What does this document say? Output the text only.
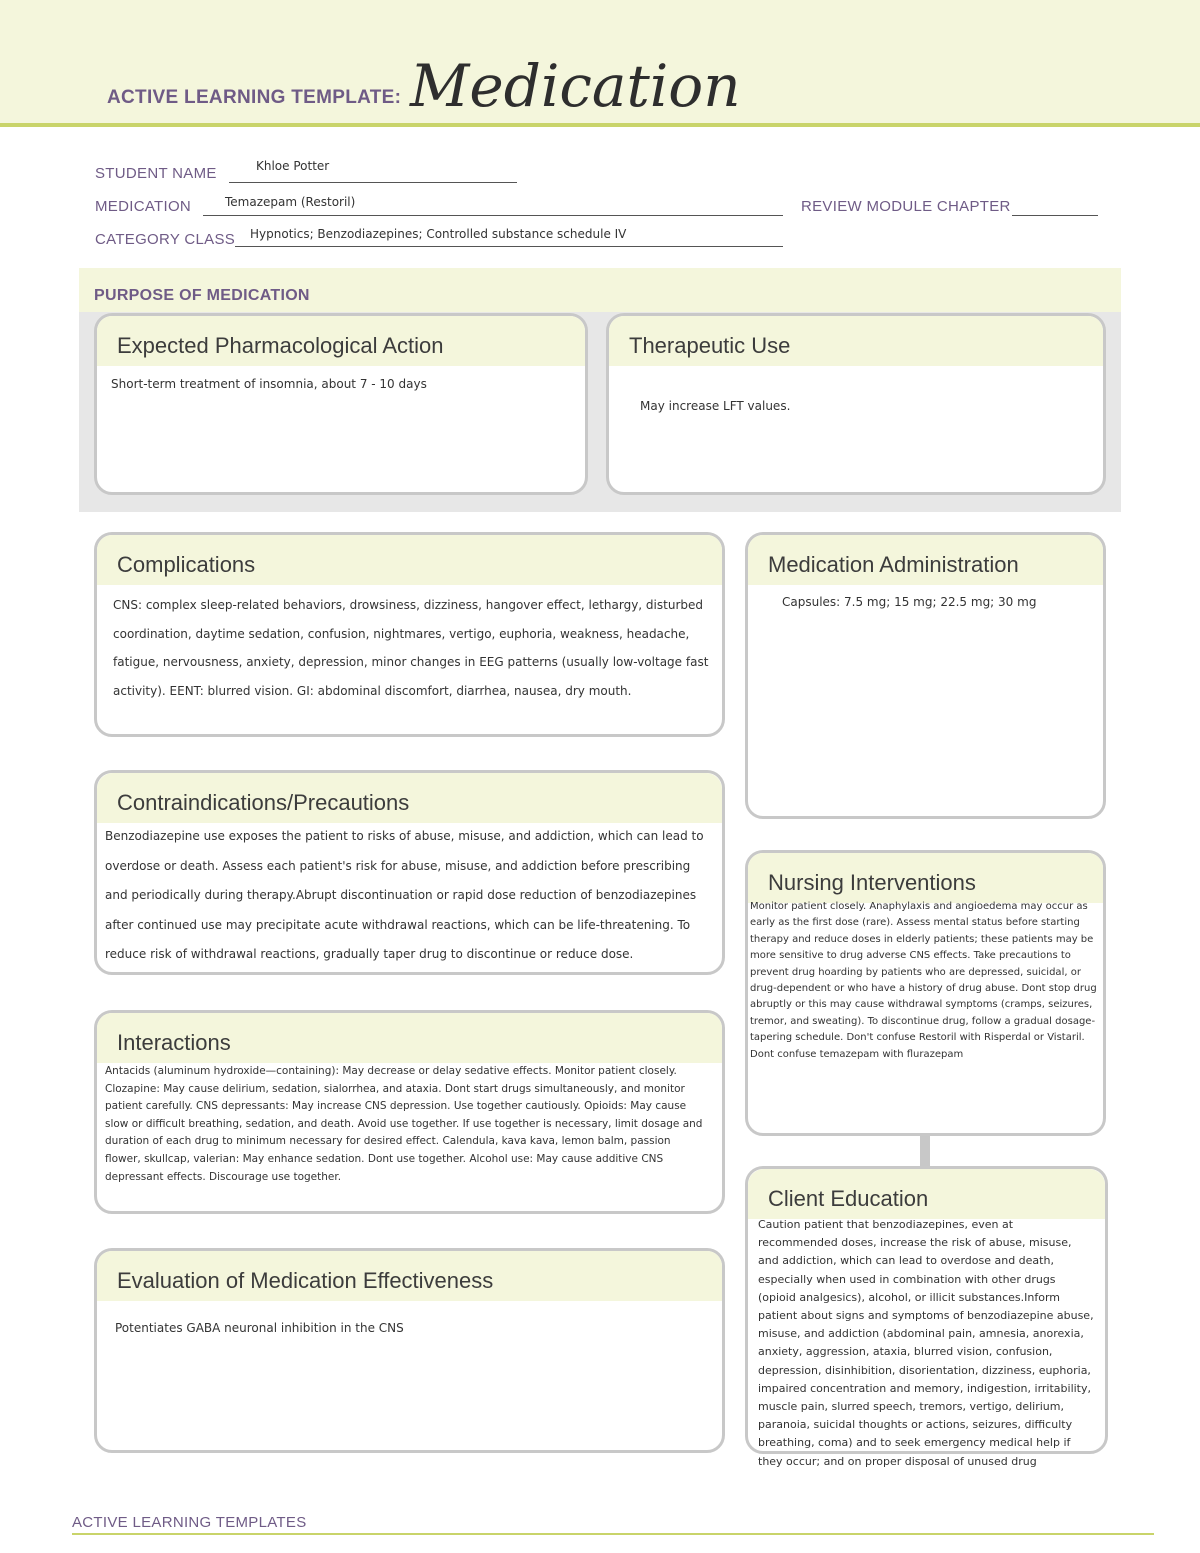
ACTIVE LEARNING TEMPLATE: Medication
STUDENT NAME	Khloe Potter
MEDICATION	Temazepam (Restoril)	REVIEW MODULE CHAPTER
CATEGORY CLASS Hypnotics; Benzodiazepines; Controlled substance schedule IV
PURPOSE OF MEDICATION
Expected Pharmacological Action
Short-term treatment of insomnia, about 7 - 10 days
Therapeutic Use
May increase LFT values.
Complications
CNS: complex sleep-related behaviors, drowsiness, dizziness, hangover effect, lethargy, disturbed coordination, daytime sedation, confusion, nightmares, vertigo, euphoria, weakness, headache, fatigue, nervousness, anxiety, depression, minor changes in EEG patterns (usually low-voltage fast activity). EENT: blurred vision. GI: abdominal discomfort, diarrhea, nausea, dry mouth.
Medication Administration
Capsules: 7.5 mg; 15 mg; 22.5 mg; 30 mg
Contraindications/Precautions
Benzodiazepine use exposes the patient to risks of abuse, misuse, and addiction, which can lead to overdose or death. Assess each patient's risk for abuse, misuse, and addiction before prescribing and periodically during therapy.Abrupt discontinuation or rapid dose reduction of benzodiazepines after continued use may precipitate acute withdrawal reactions, which can be life-threatening. To reduce risk of withdrawal reactions, gradually taper drug to discontinue or reduce dose.
Nursing Interventions
Monitor patient closely. Anaphylaxis and angioedema may occur as early as the first dose (rare). Assess mental status before starting therapy and reduce doses in elderly patients; these patients may be more sensitive to drug adverse CNS effects. Take precautions to prevent drug hoarding by patients who are depressed, suicidal, or drug-dependent or who have a history of drug abuse. Dont stop drug abruptly or this may cause withdrawal symptoms (cramps, seizures, tremor, and sweating). To discontinue drug, follow a gradual dosage-tapering schedule. Don't confuse Restoril with Risperdal or Vistaril. Dont confuse temazepam with flurazepam
Interactions
Antacids (aluminum hydroxide—containing): May decrease or delay sedative effects. Monitor patient closely. Clozapine: May cause delirium, sedation, sialorrhea, and ataxia. Dont start drugs simultaneously, and monitor patient carefully. CNS depressants: May increase CNS depression. Use together cautiously. Opioids: May cause slow or difficult breathing, sedation, and death. Avoid use together. If use together is necessary, limit dosage and duration of each drug to minimum necessary for desired effect. Calendula, kava kava, lemon balm, passion flower, skullcap, valerian: May enhance sedation. Dont use together. Alcohol use: May cause additive CNS depressant effects. Discourage use together.
Client Education
Caution patient that benzodiazepines, even at recommended doses, increase the risk of abuse, misuse, and addiction, which can lead to overdose and death, especially when used in combination with other drugs (opioid analgesics), alcohol, or illicit substances.Inform patient about signs and symptoms of benzodiazepine abuse, misuse, and addiction (abdominal pain, amnesia, anorexia, anxiety, aggression, ataxia, blurred vision, confusion, depression, disinhibition, disorientation, dizziness, euphoria, impaired concentration and memory, indigestion, irritability, muscle pain, slurred speech, tremors, vertigo, delirium, paranoia, suicidal thoughts or actions, seizures, difficulty breathing, coma) and to seek emergency medical help if they occur; and on proper disposal of unused drug
Evaluation of Medication Effectiveness
Potentiates GABA neuronal inhibition in the CNS
ACTIVE LEARNING TEMPLATES
